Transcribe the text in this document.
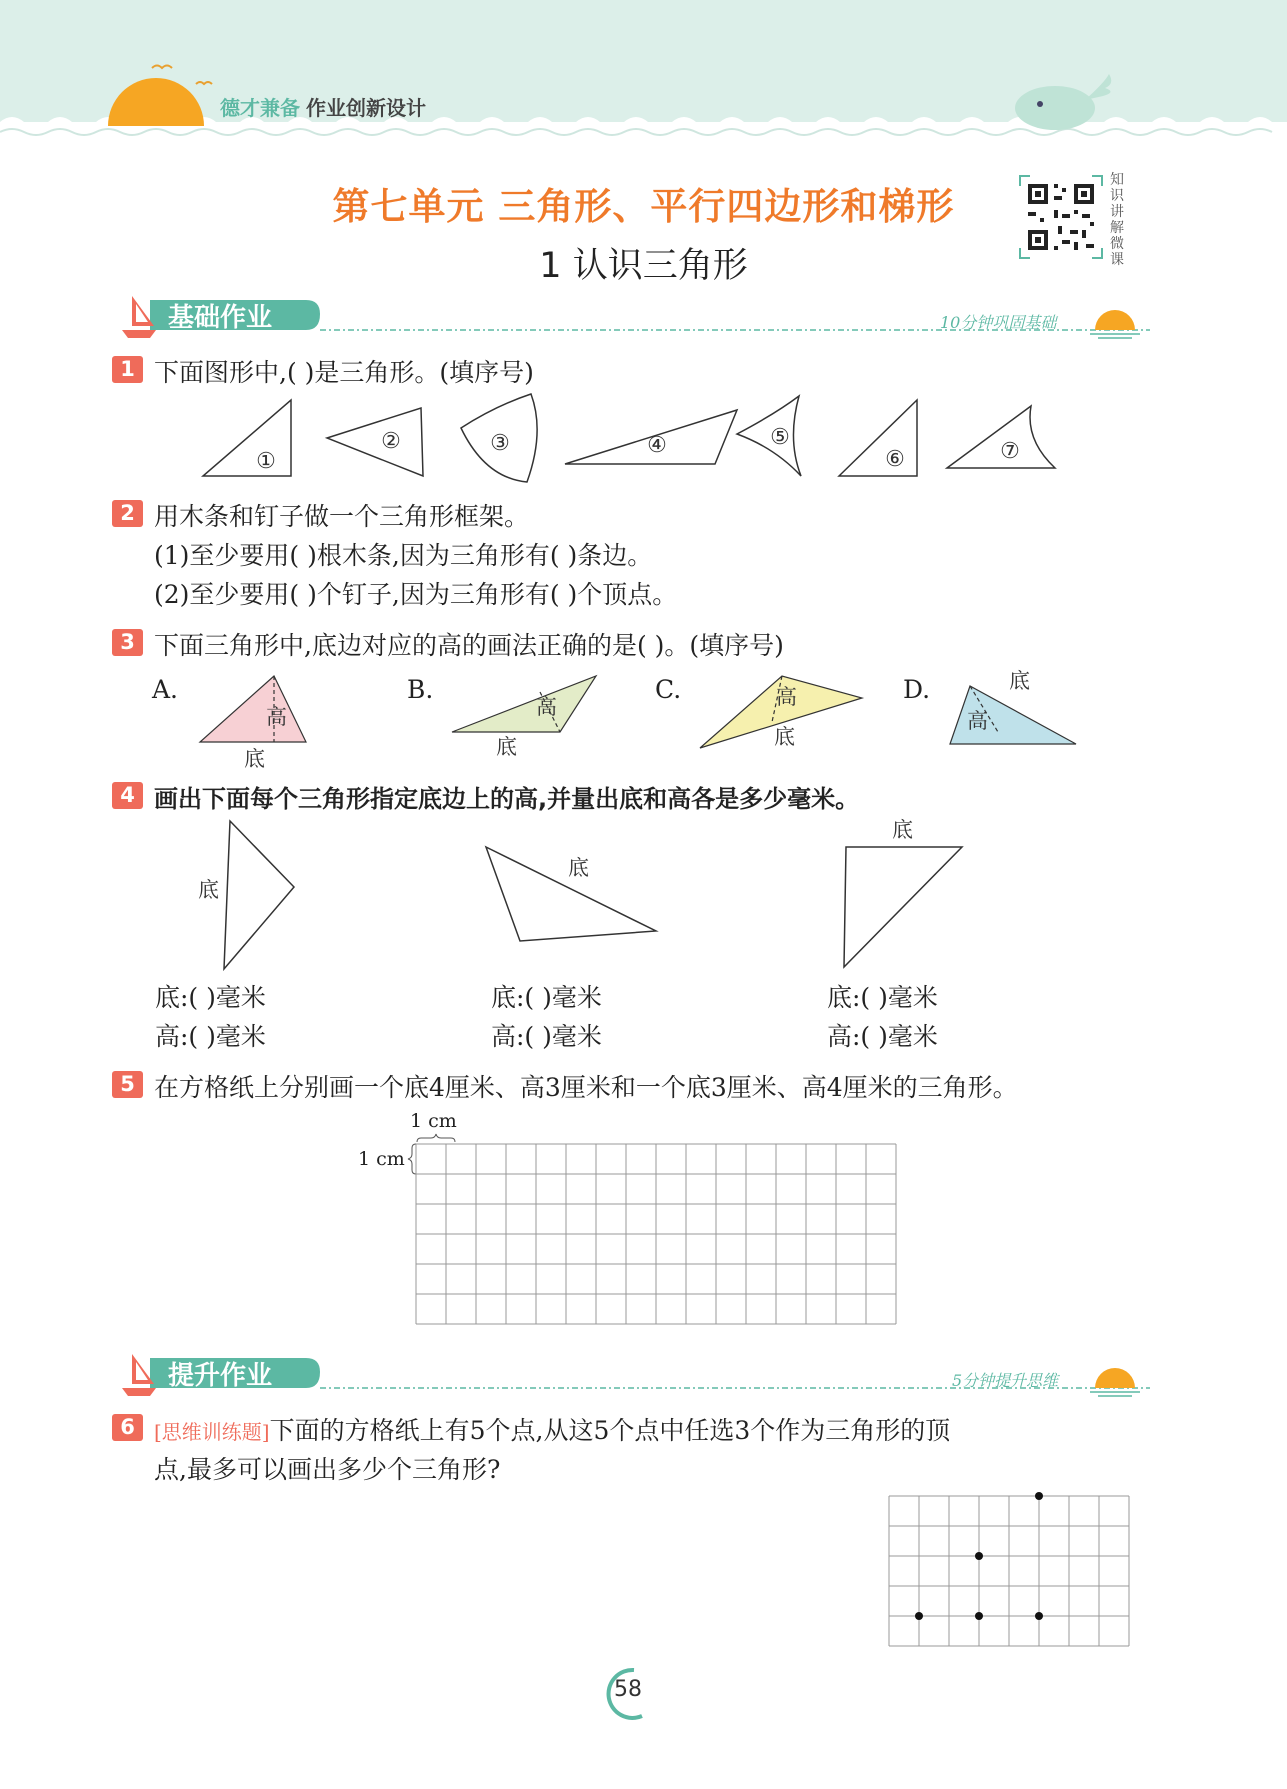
德才兼备 作业创新设计
第七单元 三角形、平行四边形和梯形
1 认识三角形
知识讲解微课
基础作业	10分钟巩固基础
1 下面图形中,( )是三角形。(填序号)
①
②	③	④	⑤
⑥	⑦
2 用木条和钉子做一个三角形框架。
(1)至少要用( )根木条,因为三角形有( )条边。
(2)至少要用( )个钉子,因为三角形有( )个顶点。
3 下面三角形中,底边对应的高的画法正确的是( )。(填序号)
A.	B.	C.	D.
高
底
高
底
高
底
高
底
4 画出下面每个三角形指定底边上的高,并量出底和高各是多少毫米。
底
底
底
底:( )毫米
高:( )毫米
底:( )毫米
高:( )毫米
底:( )毫米
高:( )毫米
5 在方格纸上分别画一个底4厘米、高3厘米和一个底3厘米、高4厘米的三角形。
1 cm
1 cm
提升作业	5分钟提升思维
6 [思维训练题]下面的方格纸上有5个点,从这5个点中任选3个作为三角形的顶
点,最多可以画出多少个三角形?
58
